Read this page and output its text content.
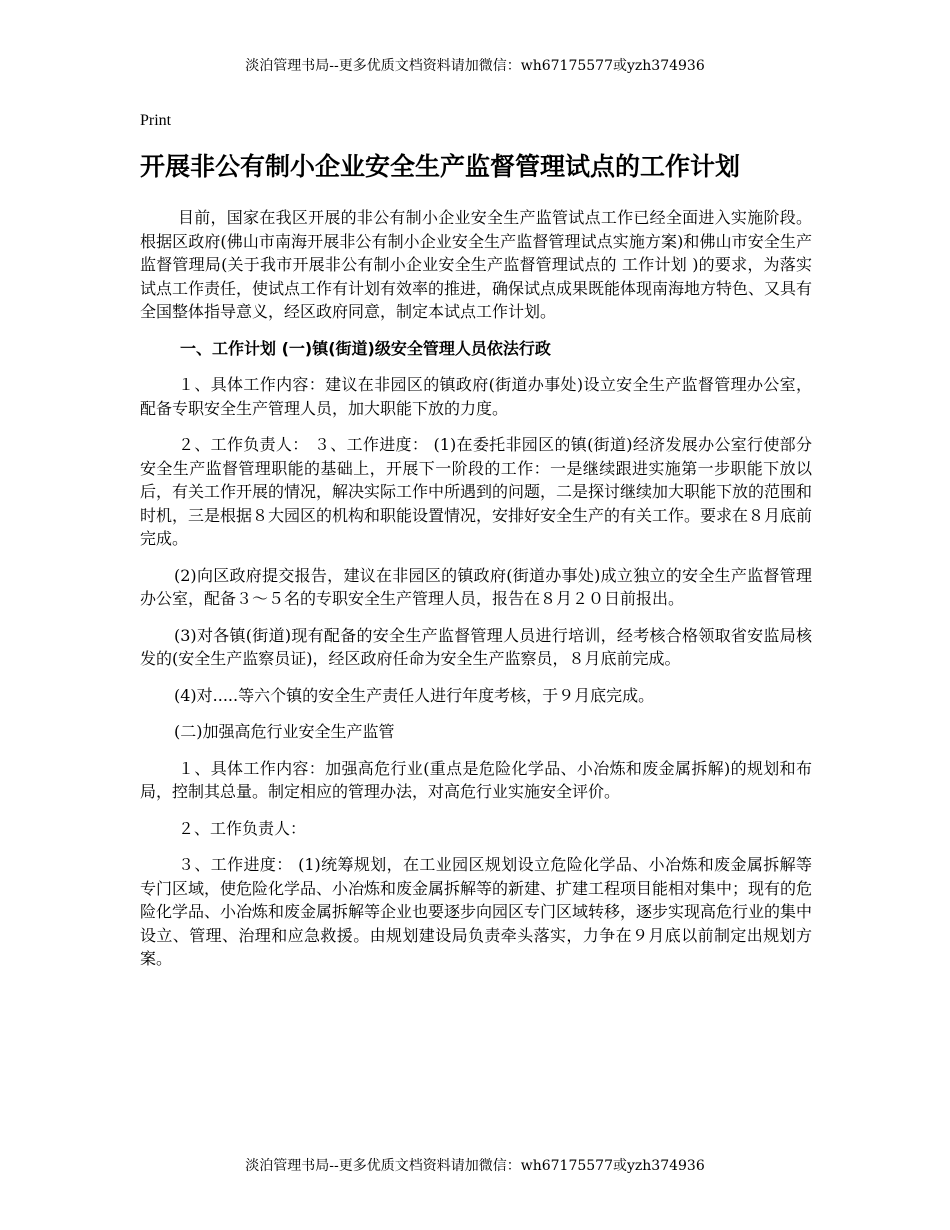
淡泊管理书局--更多优质文档资料请加微信：wh67175577或yzh374936
Print
开展非公有制小企业安全生产监督管理试点的工作计划

目前，国家在我区开展的非公有制小企业安全生产监管试点工作已经全面进入实施阶段。根据区政府(佛山市南海开展非公有制小企业安全生产监督管理试点实施方案)和佛山市安全生产监督管理局(关于我市开展非公有制小企业安全生产监督管理试点的 工作计划 )的要求，为落实试点工作责任，使试点工作有计划有效率的推进，确保试点成果既能体现南海地方特色、又具有全国整体指导意义，经区政府同意，制定本试点工作计划。

一、工作计划 (一)镇(街道)级安全管理人员依法行政

１、具体工作内容：建议在非园区的镇政府(街道办事处)设立安全生产监督管理办公室，配备专职安全生产管理人员，加大职能下放的力度。

２、工作负责人： ３、工作进度： (1)在委托非园区的镇(街道)经济发展办公室行使部分安全生产监督管理职能的基础上，开展下一阶段的工作：一是继续跟进实施第一步职能下放以后，有关工作开展的情况，解决实际工作中所遇到的问题，二是探讨继续加大职能下放的范围和时机，三是根据８大园区的机构和职能设置情况，安排好安全生产的有关工作。要求在８月底前完成。

(2)向区政府提交报告，建议在非园区的镇政府(街道办事处)成立独立的安全生产监督管理办公室，配备３～５名的专职安全生产管理人员，报告在８月２０日前报出。

(3)对各镇(街道)现有配备的安全生产监督管理人员进行培训，经考核合格领取省安监局核发的(安全生产监察员证)，经区政府任命为安全生产监察员，８月底前完成。

(4)对.....等六个镇的安全生产责任人进行年度考核，于９月底完成。

(二)加强高危行业安全生产监管

１、具体工作内容：加强高危行业(重点是危险化学品、小冶炼和废金属拆解)的规划和布局，控制其总量。制定相应的管理办法，对高危行业实施安全评价。

２、工作负责人：

３、工作进度： (1)统筹规划，在工业园区规划设立危险化学品、小冶炼和废金属拆解等专门区域，使危险化学品、小冶炼和废金属拆解等的新建、扩建工程项目能相对集中；现有的危险化学品、小冶炼和废金属拆解等企业也要逐步向园区专门区域转移，逐步实现高危行业的集中设立、管理、治理和应急救援。由规划建设局负责牵头落实，力争在９月底以前制定出规划方案。

淡泊管理书局--更多优质文档资料请加微信：wh67175577或yzh374936
